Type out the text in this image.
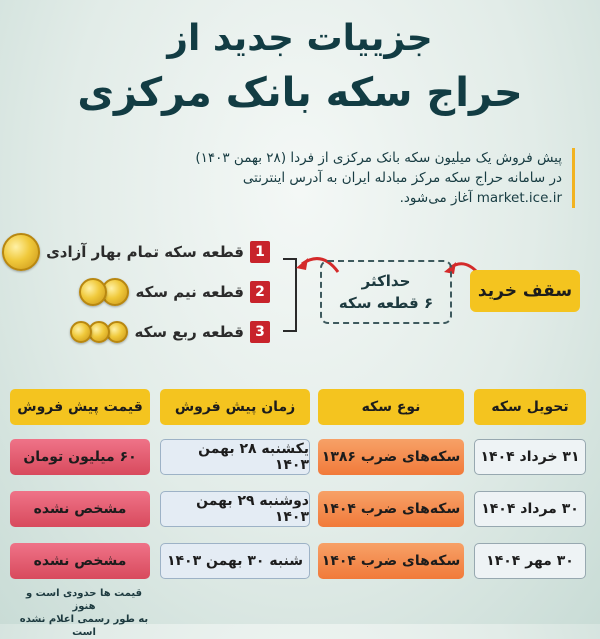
جزییات جدید از
حراج سکه بانک مرکزی
پیش فروش یک میلیون سکه بانک مرکزی از فردا (۲۸ بهمن ۱۴۰۳)
در سامانه حراج سکه مرکز مبادله ایران به آدرس اینترنتی
market.ice.ir آغاز می‌شود.
1
قطعه سکه تمام بهار آزادی
2
قطعه نیم سکه
3
قطعه ربع سکه
حداکثر
۶ قطعه سکه
سقف خرید
تحویل سکه
نوع سکه
زمان پیش فروش
قیمت پیش فروش
۳۱ خرداد ۱۴۰۴
سکه‌های ضرب ۱۳۸۶
یکشنبه ۲۸ بهمن ۱۴۰۳
۶۰ میلیون تومان
۳۰ مرداد ۱۴۰۴
سکه‌های ضرب ۱۴۰۴
دوشنبه ۲۹ بهمن ۱۴۰۳
مشخص نشده
۳۰ مهر ۱۴۰۴
سکه‌های ضرب ۱۴۰۴
شنبه ۳۰ بهمن ۱۴۰۳
مشخص نشده
قیمت ها حدودی است و هنوز
به طور رسمی اعلام نشده است
